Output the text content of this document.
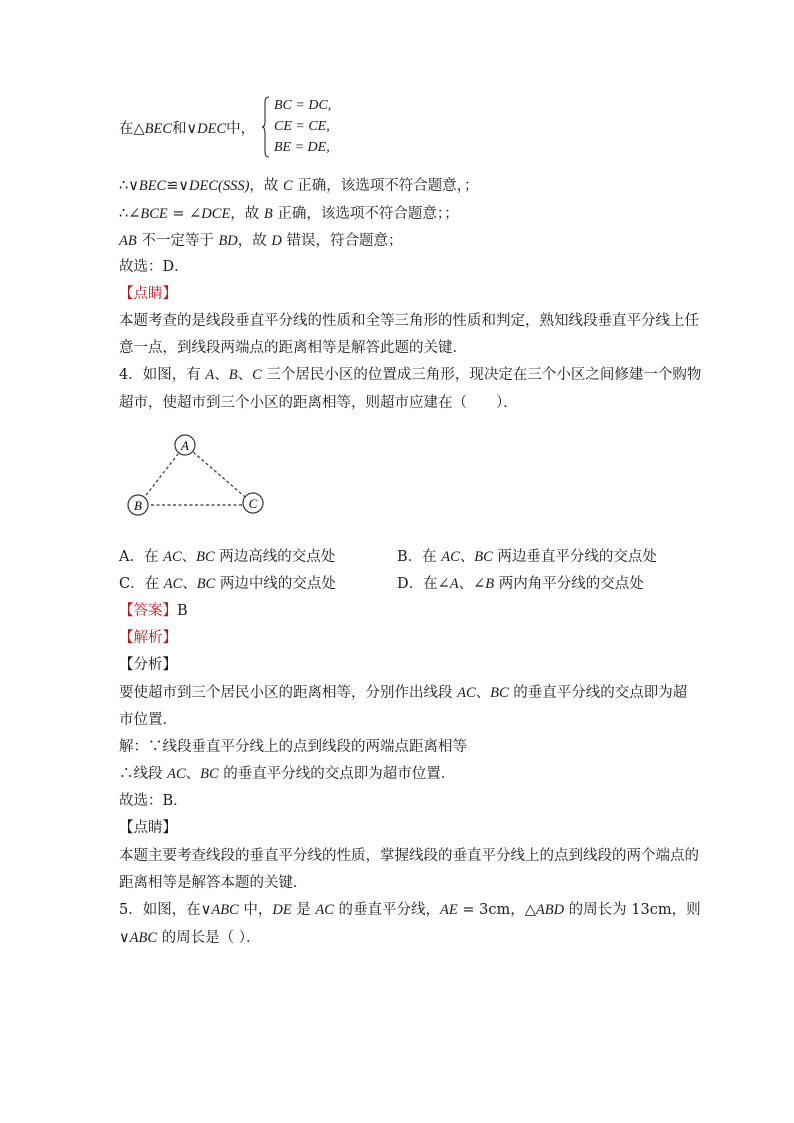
在△BEC和∨DEC中，
BC = DC,
CE = CE,
BE = DE,
∴∨BEC≌∨DEC(SSS)，故 C 正确，该选项不符合题意，；
∴∠BCE = ∠DCE，故 B 正确，该选项不符合题意；；
AB 不一定等于 BD，故 D 错误，符合题意；
故选：D．
【点睛】
本题考查的是线段垂直平分线的性质和全等三角形的性质和判定，熟知线段垂直平分线上任
意一点，到线段两端点的距离相等是解答此题的关键．
4．如图，有 A、B、C 三个居民小区的位置成三角形，现决定在三个小区之间修建一个购物
超市，使超市到三个小区的距离相等，则超市应建在（　　）．
A
B	C
A．在 AC、BC 两边高线的交点处	B．在 AC、BC 两边垂直平分线的交点处
C．在 AC、BC 两边中线的交点处	D．在∠A、∠B 两内角平分线的交点处
【答案】B
【解析】
【分析】
要使超市到三个居民小区的距离相等，分别作出线段 AC、BC 的垂直平分线的交点即为超
市位置．
解：∵线段垂直平分线上的点到线段的两端点距离相等
∴线段 AC、BC 的垂直平分线的交点即为超市位置．
故选：B．
【点睛】
本题主要考查线段的垂直平分线的性质，掌握线段的垂直平分线上的点到线段的两个端点的
距离相等是解答本题的关键．
5．如图，在∨ABC 中，DE 是 AC 的垂直平分线，AE = 3cm，△ABD 的周长为 13cm，则
∨ABC 的周长是（ ）．
